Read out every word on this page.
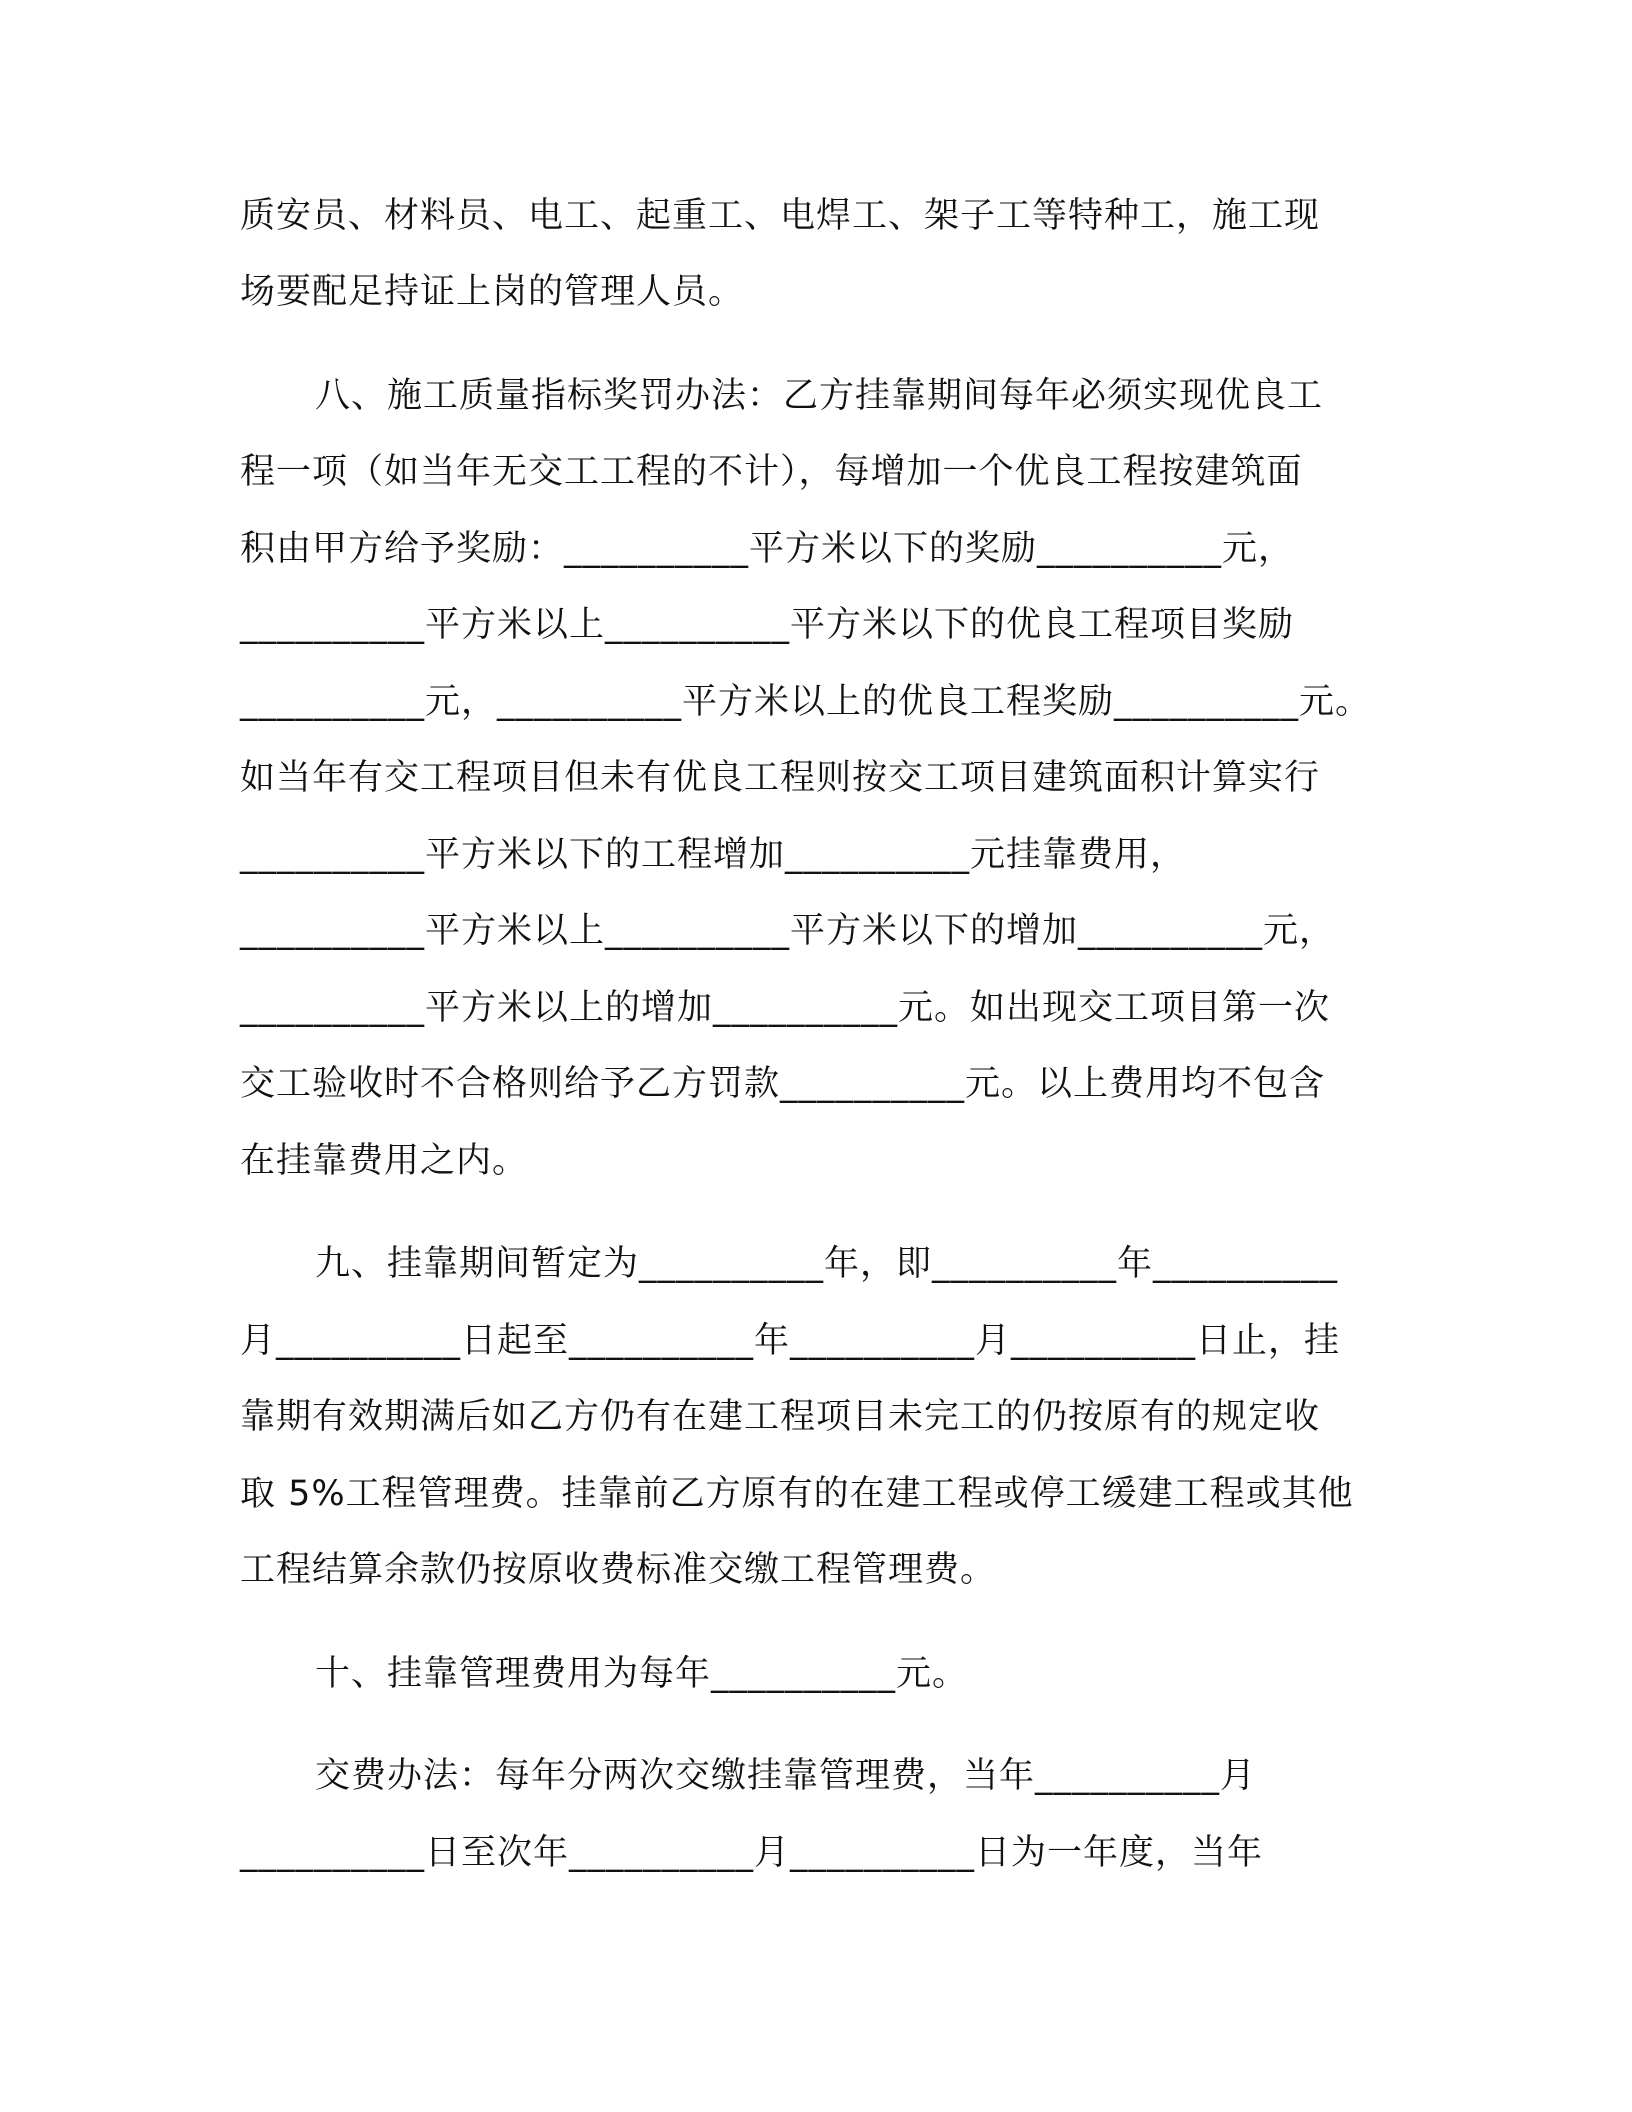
质安员、材料员、电工、起重工、电焊工、架子工等特种工，施工现
场要配足持证上岗的管理人员。
八、施工质量指标奖罚办法：乙方挂靠期间每年必须实现优良工
程一项（如当年无交工工程的不计），每增加一个优良工程按建筑面
积由甲方给予奖励：__________平方米以下的奖励__________元，
__________平方米以上__________平方米以下的优良工程项目奖励
__________元，__________平方米以上的优良工程奖励__________元。
如当年有交工程项目但未有优良工程则按交工项目建筑面积计算实行
__________平方米以下的工程增加__________元挂靠费用，
__________平方米以上__________平方米以下的增加__________元，
__________平方米以上的增加__________元。如出现交工项目第一次
交工验收时不合格则给予乙方罚款__________元。以上费用均不包含
在挂靠费用之内。
九、挂靠期间暂定为__________年，即__________年__________
月__________日起至__________年__________月__________日止，挂
靠期有效期满后如乙方仍有在建工程项目未完工的仍按原有的规定收
取 5%工程管理费。挂靠前乙方原有的在建工程或停工缓建工程或其他
工程结算余款仍按原收费标准交缴工程管理费。
十、挂靠管理费用为每年__________元。
交费办法：每年分两次交缴挂靠管理费，当年__________月
__________日至次年__________月__________日为一年度，当年
